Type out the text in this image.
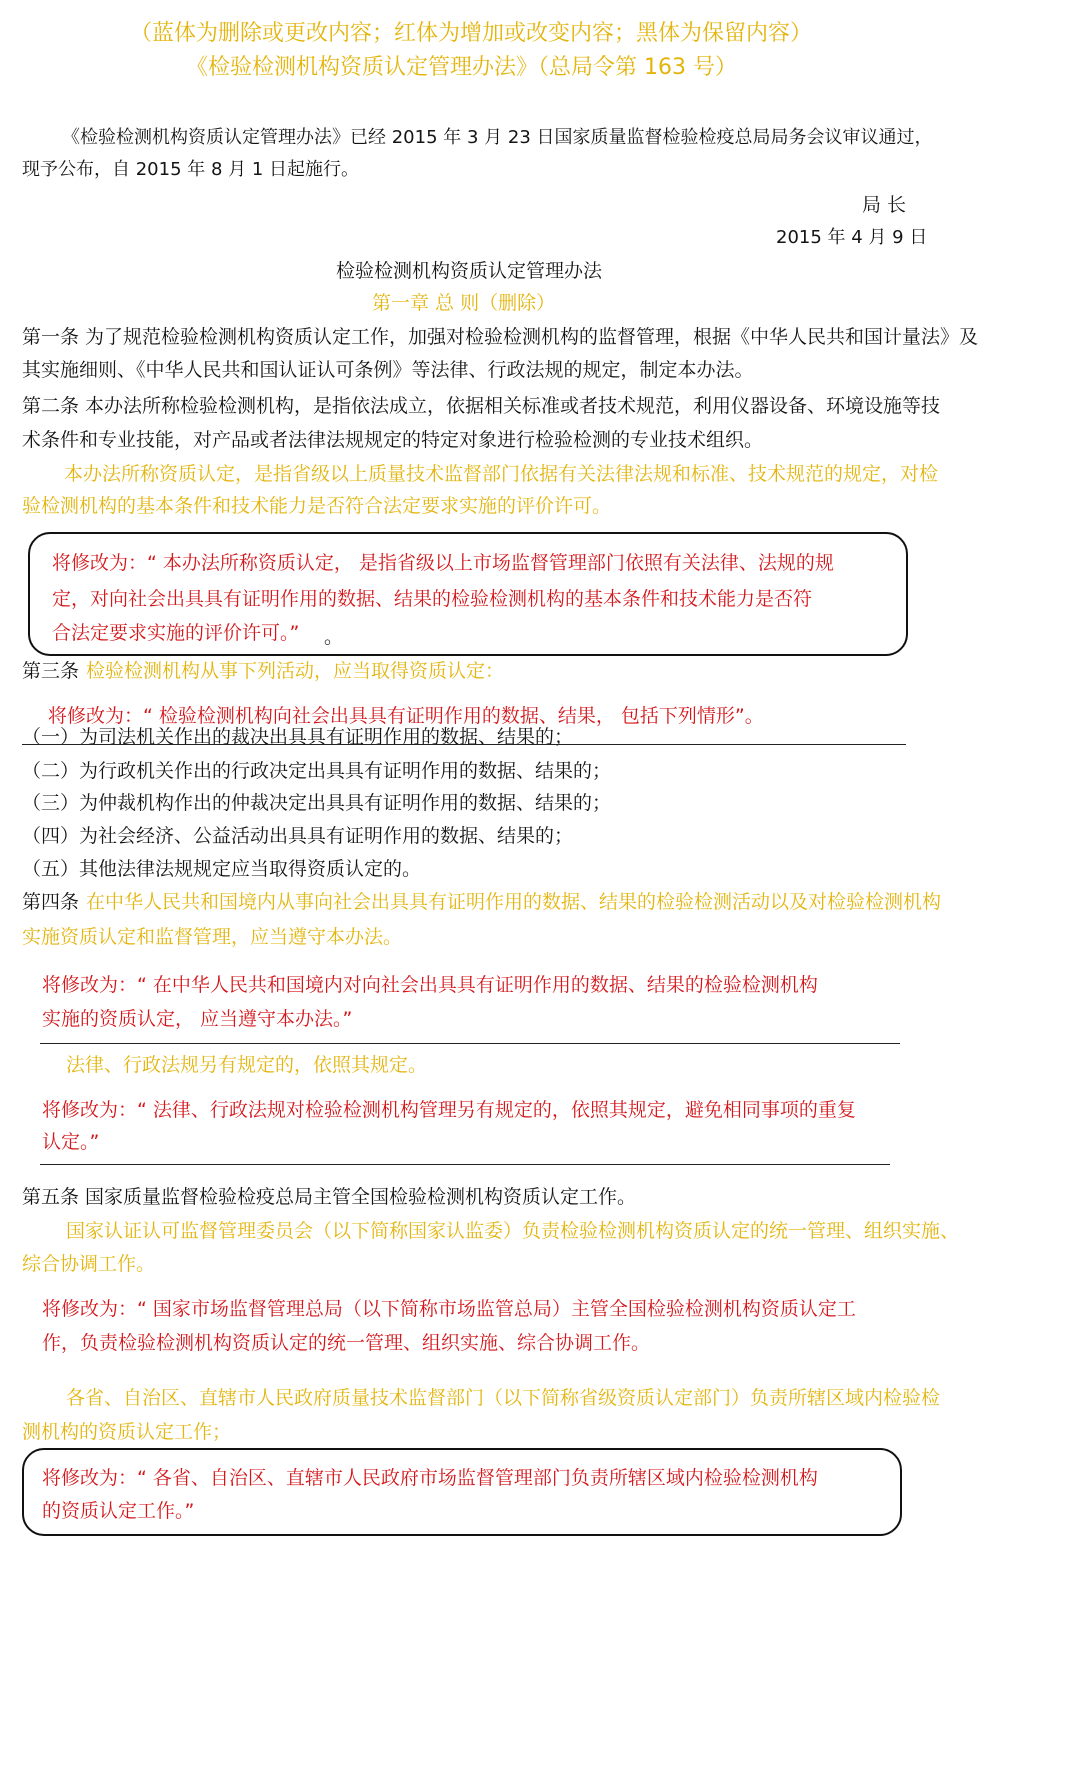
（蓝体为删除或更改内容；红体为增加或改变内容；黑体为保留内容）
《检验检测机构资质认定管理办法》（总局令第 163 号）
《检验检测机构资质认定管理办法》已经 2015 年 3 月 23 日国家质量监督检验检疫总局局务会议审议通过，
现予公布，自 2015 年 8 月 1 日起施行。
局 长
2015 年 4 月 9 日
检验检测机构资质认定管理办法
第一章 总 则（删除）
第一条 为了规范检验检测机构资质认定工作，加强对检验检测机构的监督管理，根据《中华人民共和国计量法》及
其实施细则、《中华人民共和国认证认可条例》等法律、行政法规的规定，制定本办法。
第二条 本办法所称检验检测机构，是指依法成立，依据相关标准或者技术规范，利用仪器设备、环境设施等技
术条件和专业技能，对产品或者法律法规规定的特定对象进行检验检测的专业技术组织。
本办法所称资质认定，是指省级以上质量技术监督部门依据有关法律法规和标准、技术规范的规定，对检
验检测机构的基本条件和技术能力是否符合法定要求实施的评价许可。
将修改为：“ 本办法所称资质认定， 是指省级以上市场监督管理部门依照有关法律、法规的规
定，对向社会出具具有证明作用的数据、结果的检验检测机构的基本条件和技术能力是否符
合法定要求实施的评价许可。” 。
第三条 检验检测机构从事下列活动，应当取得资质认定：
将修改为：“ 检验检测机构向社会出具具有证明作用的数据、结果， 包括下列情形”。
（一）为司法机关作出的裁决出具具有证明作用的数据、结果的；
（二）为行政机关作出的行政决定出具具有证明作用的数据、结果的；
（三）为仲裁机构作出的仲裁决定出具具有证明作用的数据、结果的；
（四）为社会经济、公益活动出具具有证明作用的数据、结果的；
（五）其他法律法规规定应当取得资质认定的。
第四条 在中华人民共和国境内从事向社会出具具有证明作用的数据、结果的检验检测活动以及对检验检测机构
实施资质认定和监督管理，应当遵守本办法。
将修改为：“ 在中华人民共和国境内对向社会出具具有证明作用的数据、结果的检验检测机构
实施的资质认定， 应当遵守本办法。”
法律、行政法规另有规定的，依照其规定。
将修改为：“ 法律、行政法规对检验检测机构管理另有规定的，依照其规定，避免相同事项的重复
认定。”
第五条 国家质量监督检验检疫总局主管全国检验检测机构资质认定工作。
国家认证认可监督管理委员会（以下简称国家认监委）负责检验检测机构资质认定的统一管理、组织实施、
综合协调工作。
将修改为：“ 国家市场监督管理总局（以下简称市场监管总局）主管全国检验检测机构资质认定工
作，负责检验检测机构资质认定的统一管理、组织实施、综合协调工作。
各省、自治区、直辖市人民政府质量技术监督部门（以下简称省级资质认定部门）负责所辖区域内检验检
测机构的资质认定工作；
将修改为：“ 各省、自治区、直辖市人民政府市场监督管理部门负责所辖区域内检验检测机构
的资质认定工作。”
